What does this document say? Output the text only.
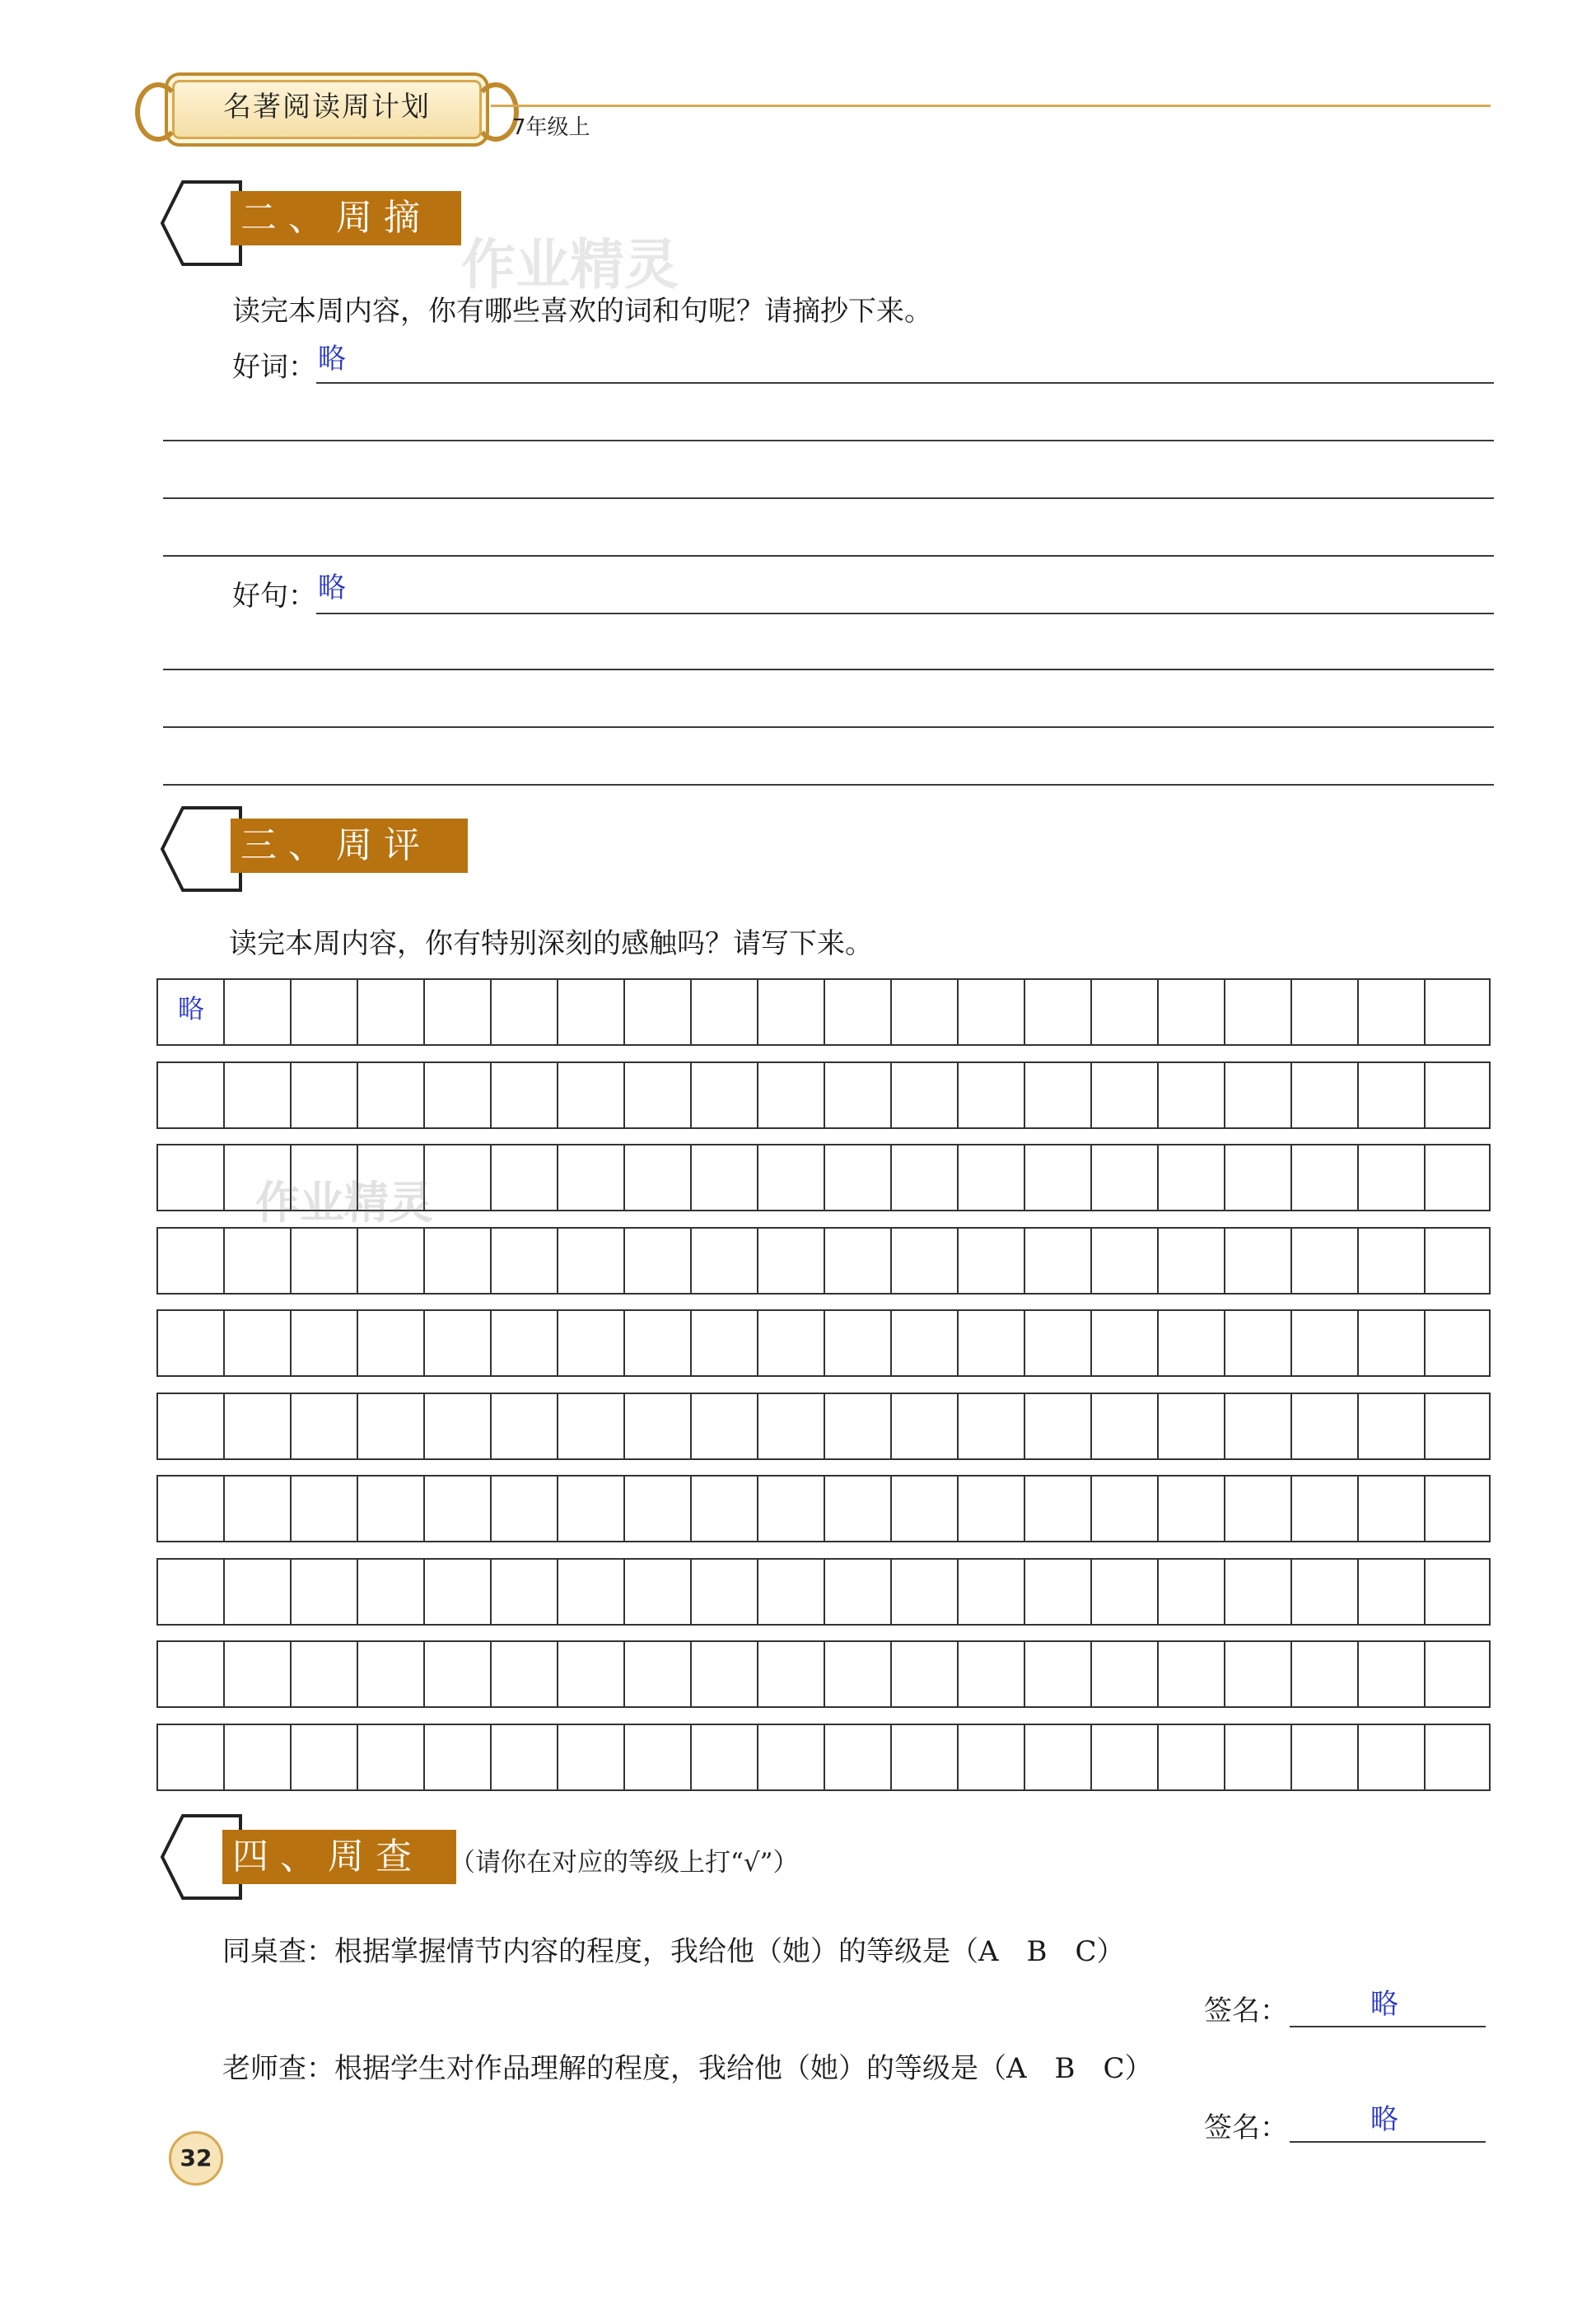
名著阅读周计划
7年级上
二、周摘
作业精灵
读完本周内容，你有哪些喜欢的词和句呢？请摘抄下来。
好词： 略
好句： 略
三、周评
读完本周内容，你有特别深刻的感触吗？请写下来。
略
作业精灵
四、周查	（请你在对应的等级上打“√”）
同桌查：根据掌握情节内容的程度，我给他（她）的等级是（A　B　C）
签名：	略
老师查：根据学生对作品理解的程度，我给他（她）的等级是（A　B　C）
签名：	略
32
